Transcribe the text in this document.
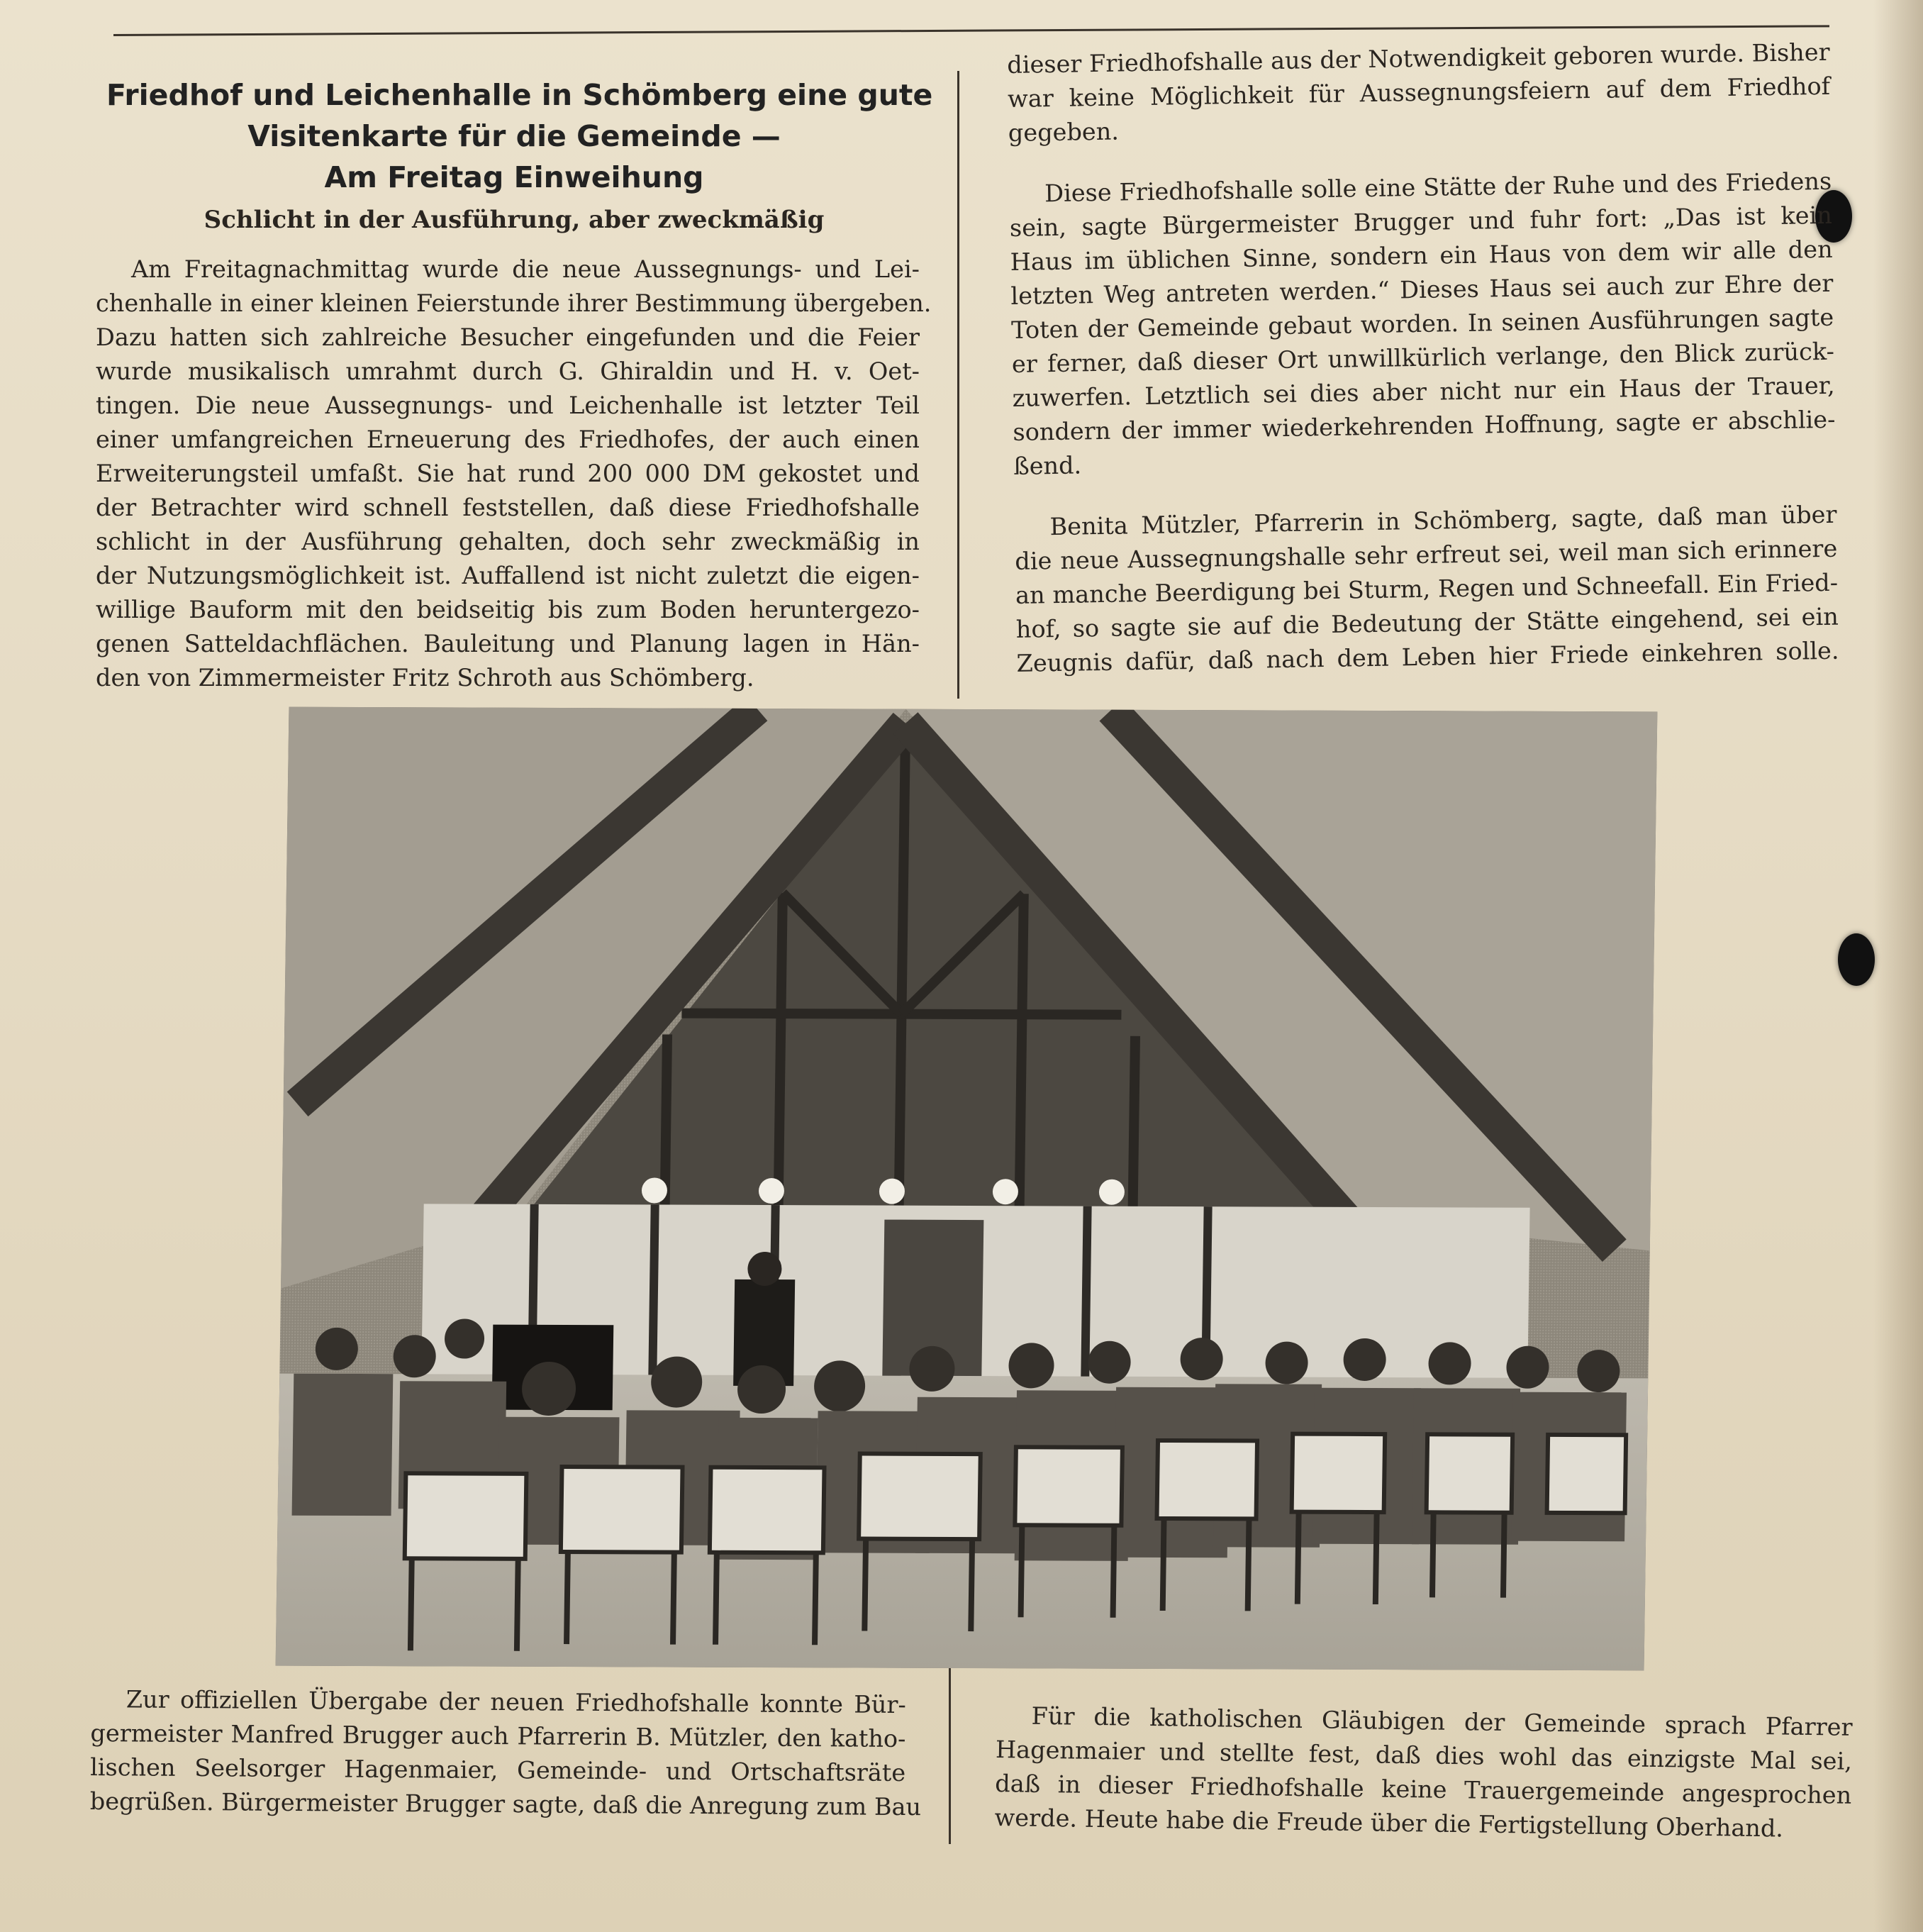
Friedhof und Leichenhalle in Schömberg eine gute
Visitenkarte für die Gemeinde —
Am Freitag Einweihung
Schlicht in der Ausführung, aber zweckmäßig
Am Freitagnachmittag wurde die neue Aussegnungs- und Lei-
chenhalle in einer kleinen Feierstunde ihrer Bestimmung übergeben.
Dazu hatten sich zahlreiche Besucher eingefunden und die Feier
wurde musikalisch umrahmt durch G. Ghiraldin und H. v. Oet-
tingen. Die neue Aussegnungs- und Leichenhalle ist letzter Teil
einer umfangreichen Erneuerung des Friedhofes, der auch einen
Erweiterungsteil umfaßt. Sie hat rund 200 000 DM gekostet und
der Betrachter wird schnell feststellen, daß diese Friedhofshalle
schlicht in der Ausführung gehalten, doch sehr zweckmäßig in
der Nutzungsmöglichkeit ist. Auffallend ist nicht zuletzt die eigen-
willige Bauform mit den beidseitig bis zum Boden heruntergezo-
genen Satteldachflächen. Bauleitung und Planung lagen in Hän-
den von Zimmermeister Fritz Schroth aus Schömberg.
dieser Friedhofshalle aus der Notwendigkeit geboren wurde. Bisher
war keine Möglichkeit für Aussegnungsfeiern auf dem Friedhof
gegeben.
Diese Friedhofshalle solle eine Stätte der Ruhe und des Friedens
sein, sagte Bürgermeister Brugger und fuhr fort: „Das ist kein
Haus im üblichen Sinne, sondern ein Haus von dem wir alle den
letzten Weg antreten werden.“ Dieses Haus sei auch zur Ehre der
Toten der Gemeinde gebaut worden. In seinen Ausführungen sagte
er ferner, daß dieser Ort unwillkürlich verlange, den Blick zurück-
zuwerfen. Letztlich sei dies aber nicht nur ein Haus der Trauer,
sondern der immer wiederkehrenden Hoffnung, sagte er abschlie-
ßend.
Benita Mützler, Pfarrerin in Schömberg, sagte, daß man über
die neue Aussegnungshalle sehr erfreut sei, weil man sich erinnere
an manche Beerdigung bei Sturm, Regen und Schneefall. Ein Fried-
hof, so sagte sie auf die Bedeutung der Stätte eingehend, sei ein
Zeugnis dafür, daß nach dem Leben hier Friede einkehren solle.
Zur offiziellen Übergabe der neuen Friedhofshalle konnte Bür-
germeister Manfred Brugger auch Pfarrerin B. Mützler, den katho-
lischen Seelsorger Hagenmaier, Gemeinde- und Ortschaftsräte
begrüßen. Bürgermeister Brugger sagte, daß die Anregung zum Bau
Für die katholischen Gläubigen der Gemeinde sprach Pfarrer
Hagenmaier und stellte fest, daß dies wohl das einzigste Mal sei,
daß in dieser Friedhofshalle keine Trauergemeinde angesprochen
werde. Heute habe die Freude über die Fertigstellung Oberhand.
